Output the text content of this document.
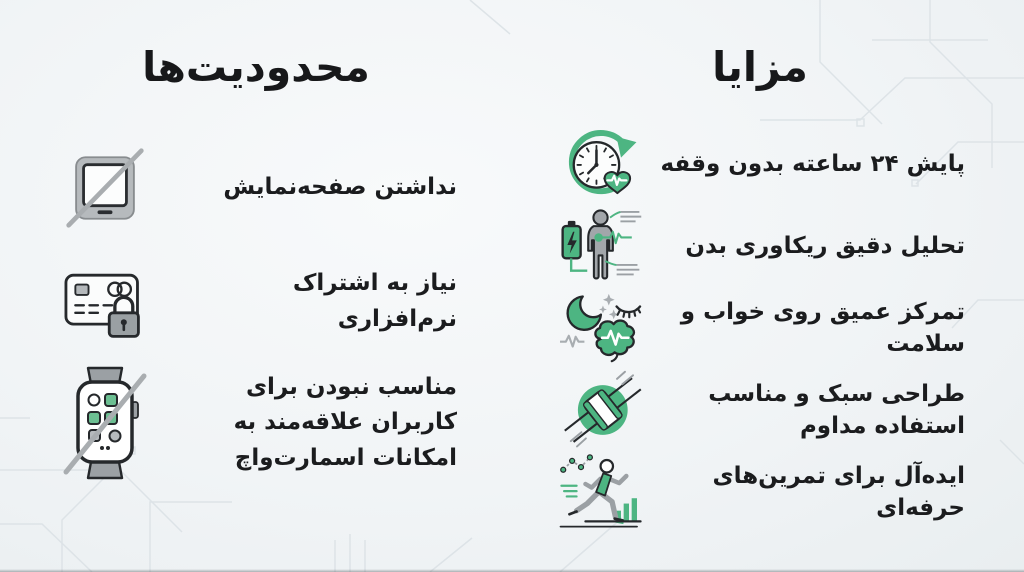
مزایا
پایش ۲۴ ساعته بدون وقفه
تحلیل دقیق ریکاوری بدن
تمرکز عمیق روی خواب و سلامت
طراحی سبک و مناسب استفاده مداوم
ایده‌آل برای تمرین‌های حرفه‌ای
محدودیت‌ها
نداشتن صفحه‌نمایش
نیاز به اشتراک نرم‌افزاری
مناسب نبودن برای کاربران علاقه‌مند به امکانات اسمارت‌واچ
